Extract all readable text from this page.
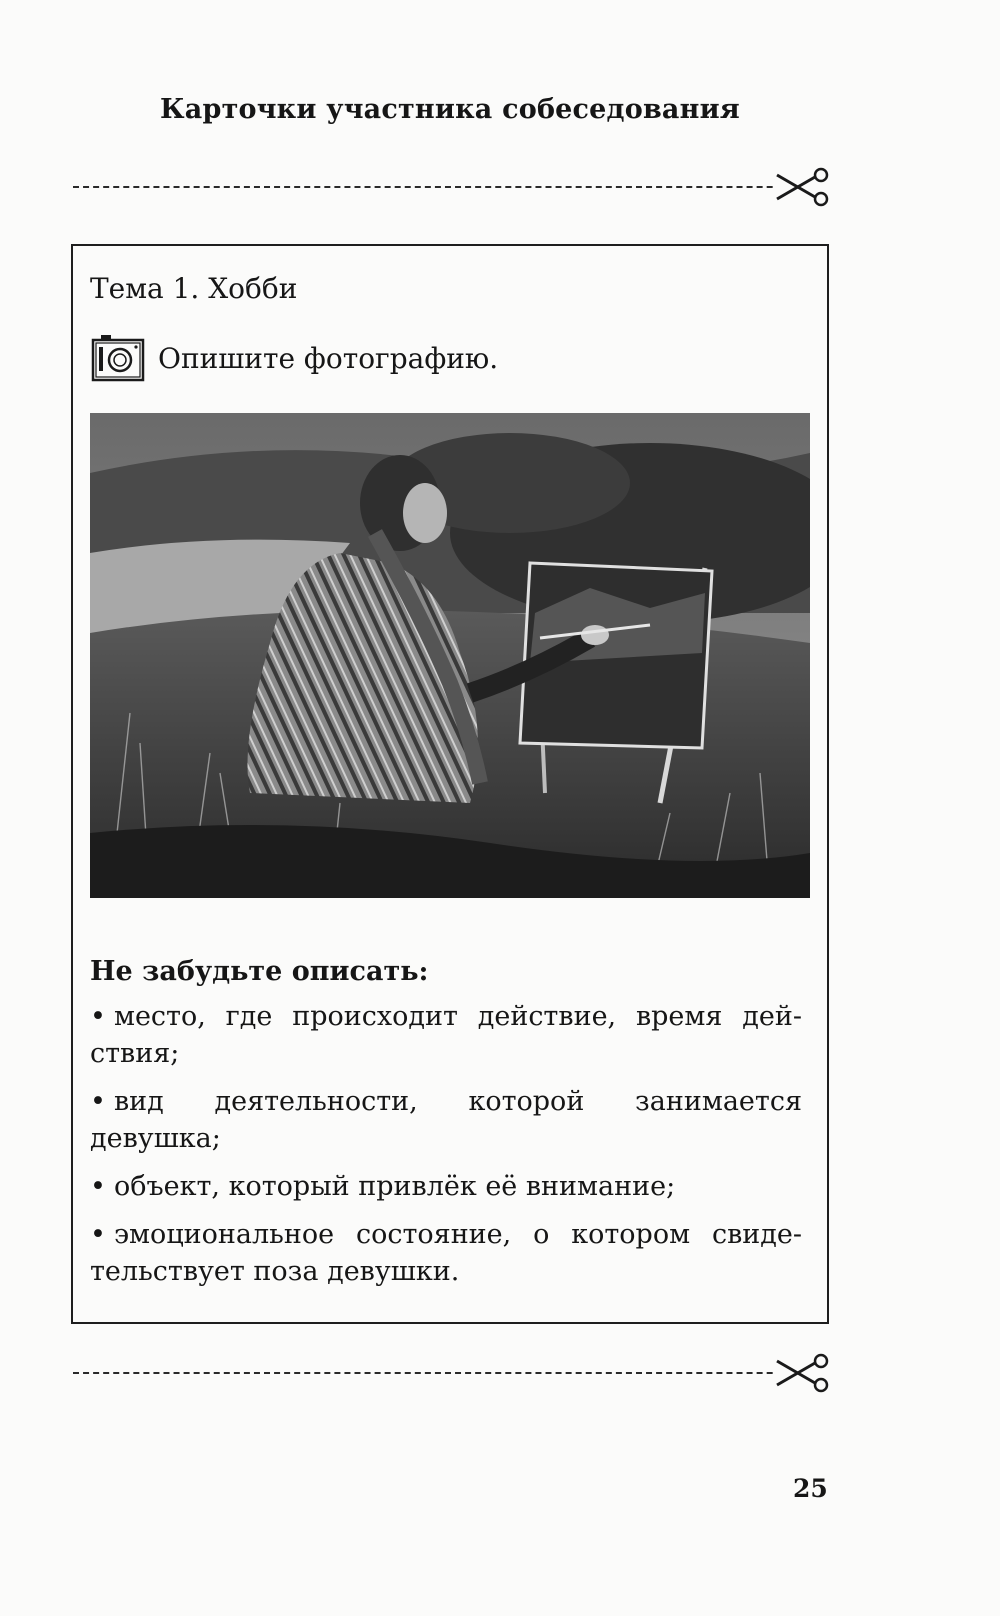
Карточки участника собеседования
Тема 1. Хобби
Опишите фотографию.
Не забудьте описать:
• место, где происходит действие, время дей-ствия;
• вид деятельности, которой занимается девушка;
• объект, который привлёк её внимание;
• эмоциональное состояние, о котором свиде-тельствует поза девушки.
25
